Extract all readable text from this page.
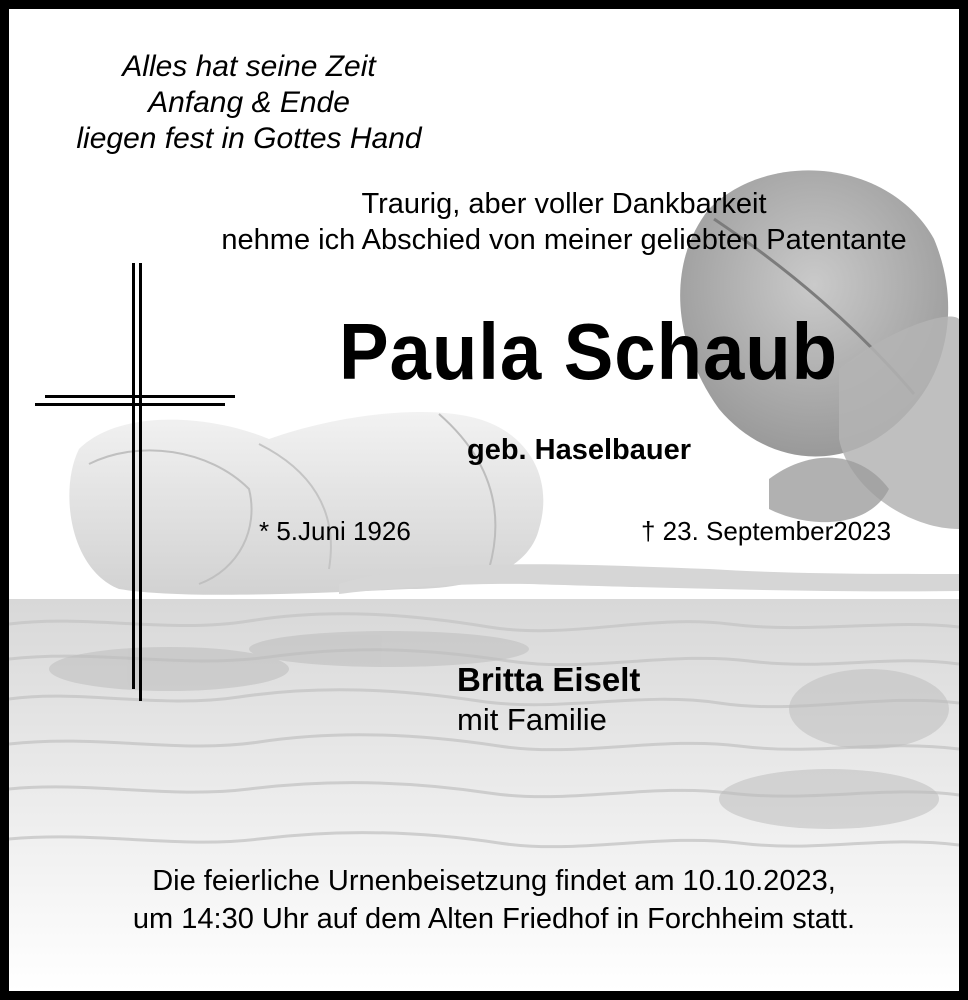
Alles hat seine Zeit
Anfang & Ende
liegen fest in Gottes Hand
Traurig, aber voller Dankbarkeit
nehme ich Abschied von meiner geliebten Patentante
Paula Schaub
geb. Haselbauer
* 5.Juni 1926	† 23. September2023
Britta Eiselt
mit Familie
Die feierliche Urnenbeisetzung findet am 10.10.2023,
um 14:30 Uhr auf dem Alten Friedhof in Forchheim statt.
